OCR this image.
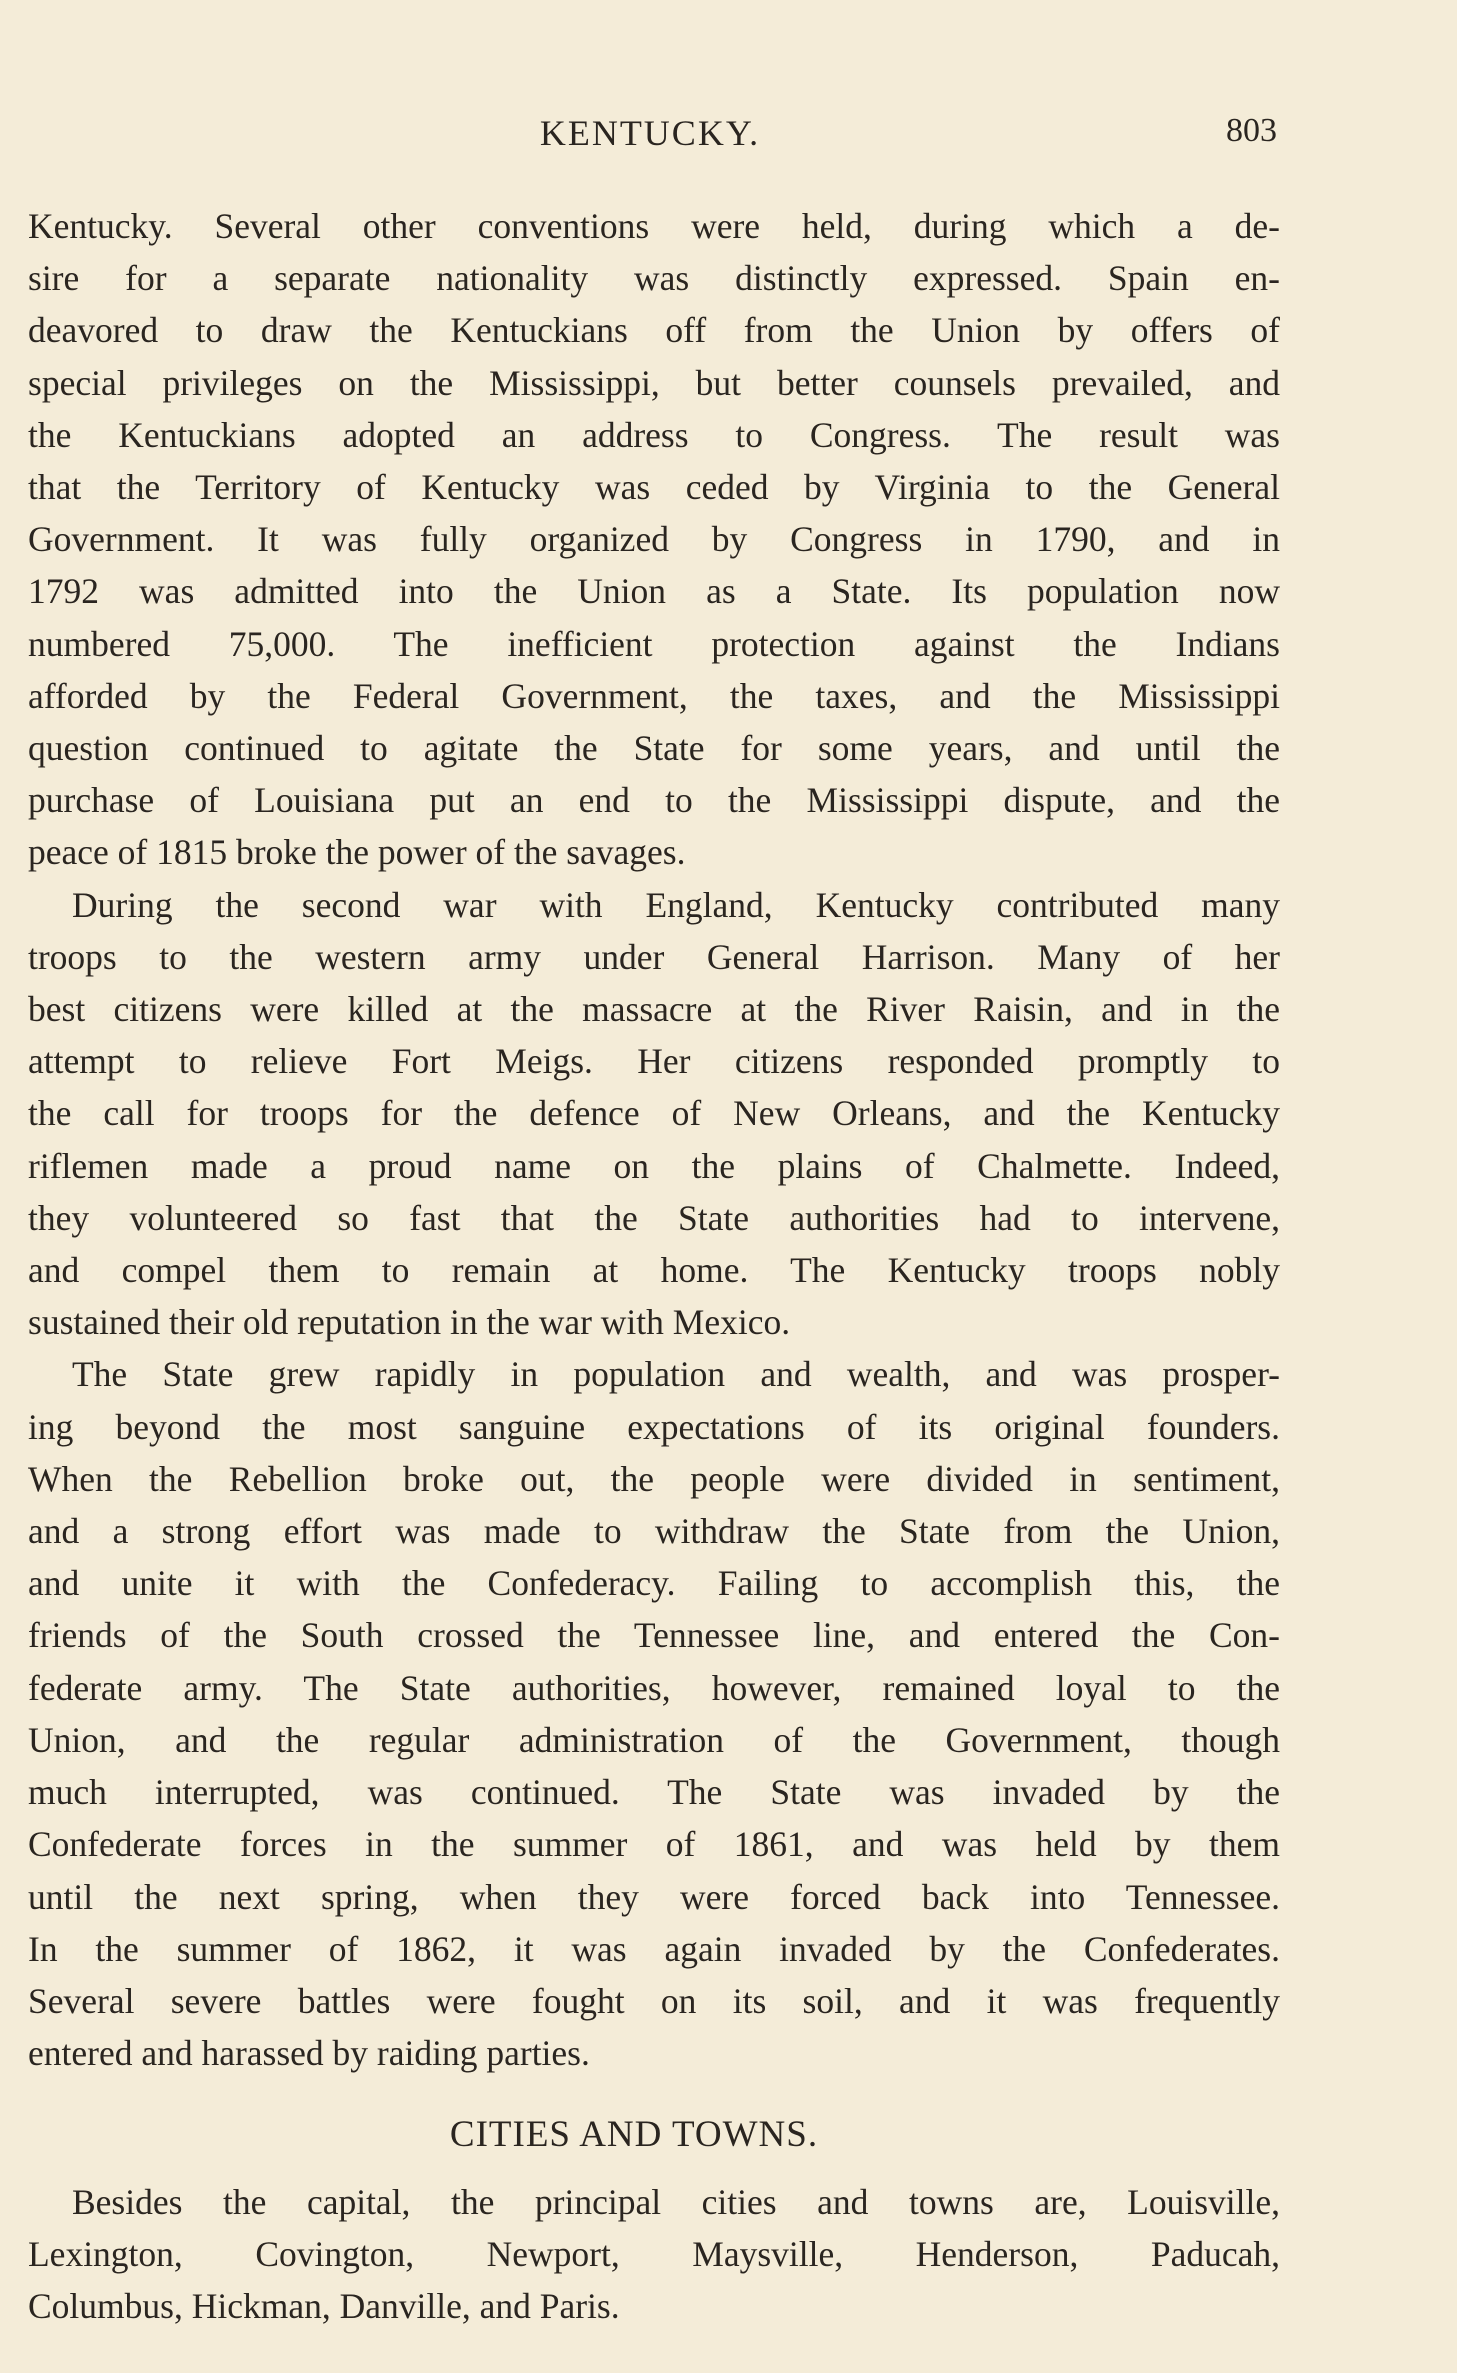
KENTUCKY.	803
Kentucky. Several other conventions were held, during which a de-
sire for a separate nationality was distinctly expressed. Spain en-
deavored to draw the Kentuckians off from the Union by offers of
special privileges on the Mississippi, but better counsels prevailed, and
the Kentuckians adopted an address to Congress. The result was
that the Territory of Kentucky was ceded by Virginia to the General
Government. It was fully organized by Congress in 1790, and in
1792 was admitted into the Union as a State. Its population now
numbered 75,000. The inefficient protection against the Indians
afforded by the Federal Government, the taxes, and the Mississippi
question continued to agitate the State for some years, and until the
purchase of Louisiana put an end to the Mississippi dispute, and the
peace of 1815 broke the power of the savages.
During the second war with England, Kentucky contributed many
troops to the western army under General Harrison. Many of her
best citizens were killed at the massacre at the River Raisin, and in the
attempt to relieve Fort Meigs. Her citizens responded promptly to
the call for troops for the defence of New Orleans, and the Kentucky
riflemen made a proud name on the plains of Chalmette. Indeed,
they volunteered so fast that the State authorities had to intervene,
and compel them to remain at home. The Kentucky troops nobly
sustained their old reputation in the war with Mexico.
The State grew rapidly in population and wealth, and was prosper-
ing beyond the most sanguine expectations of its original founders.
When the Rebellion broke out, the people were divided in sentiment,
and a strong effort was made to withdraw the State from the Union,
and unite it with the Confederacy. Failing to accomplish this, the
friends of the South crossed the Tennessee line, and entered the Con-
federate army. The State authorities, however, remained loyal to the
Union, and the regular administration of the Government, though
much interrupted, was continued. The State was invaded by the
Confederate forces in the summer of 1861, and was held by them
until the next spring, when they were forced back into Tennessee.
In the summer of 1862, it was again invaded by the Confederates.
Several severe battles were fought on its soil, and it was frequently
entered and harassed by raiding parties.
CITIES AND TOWNS.
Besides the capital, the principal cities and towns are, Louisville,
Lexington, Covington, Newport, Maysville, Henderson, Paducah,
Columbus, Hickman, Danville, and Paris.
